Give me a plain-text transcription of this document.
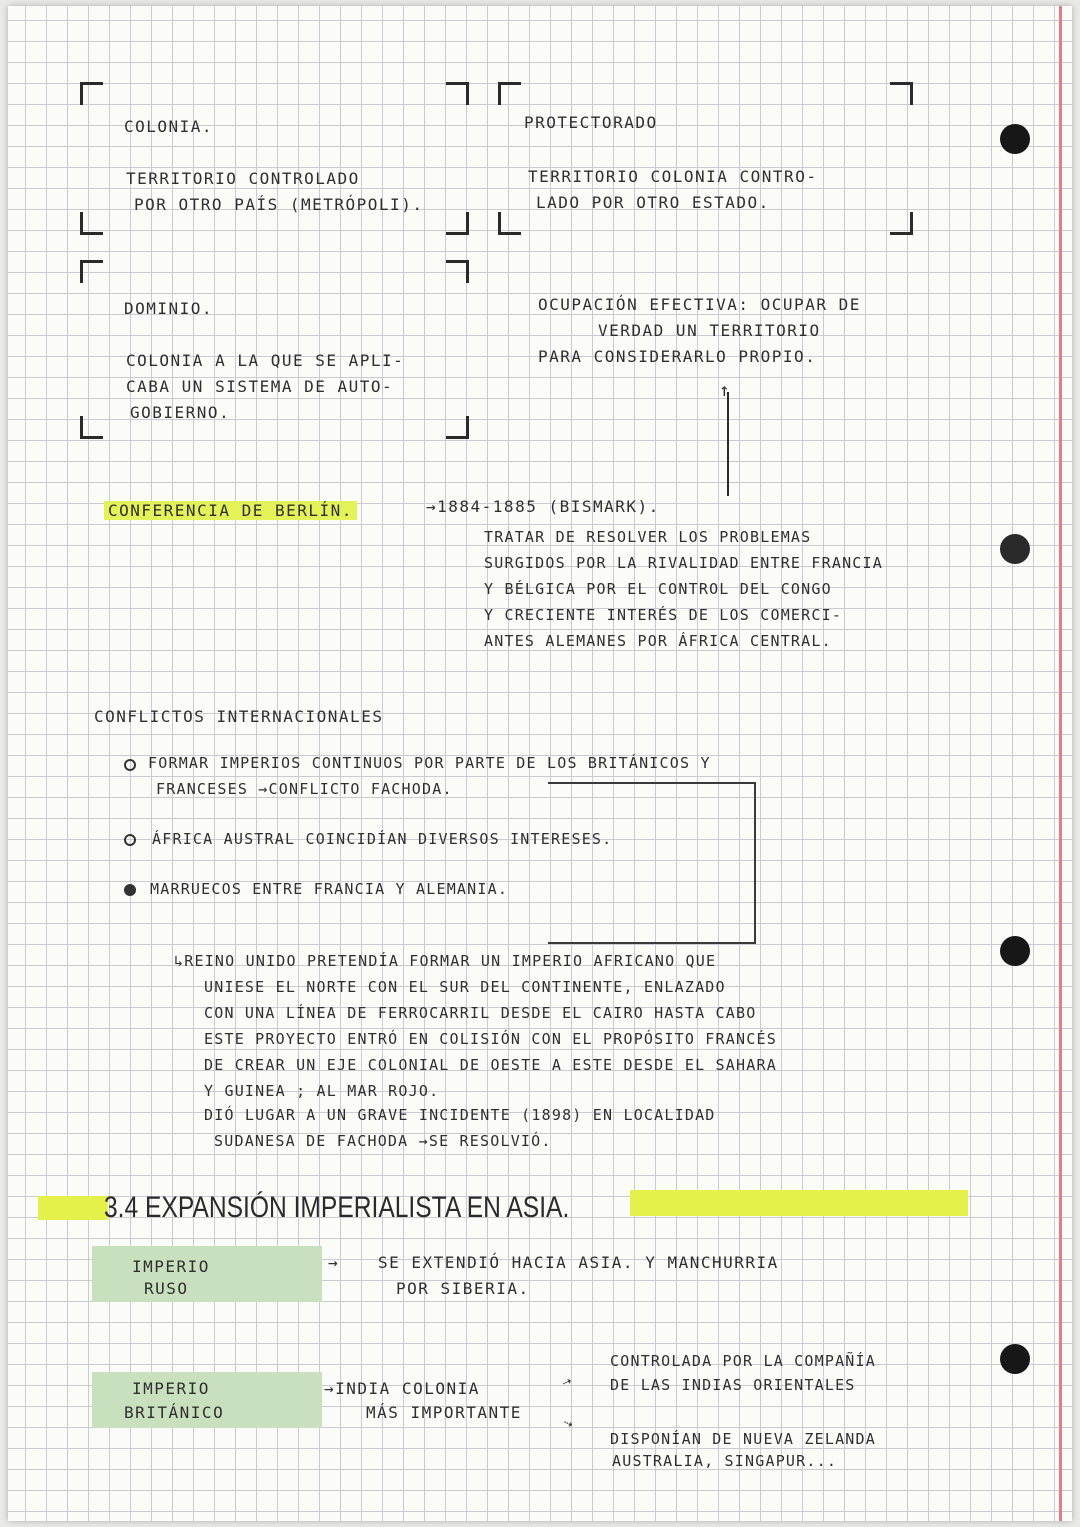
COLONIA.
TERRITORIO CONTROLADO
POR OTRO PAÍS (METRÓPOLI).
PROTECTORADO
TERRITORIO COLONIA CONTRO-
LADO POR OTRO ESTADO.
DOMINIO.
COLONIA A LA QUE SE APLI-
CABA UN SISTEMA DE AUTO-
GOBIERNO.
OCUPACIÓN EFECTIVA: OCUPAR DE
VERDAD UN TERRITORIO
PARA CONSIDERARLO PROPIO.
↑
CONFERENCIA DE BERLÍN.	→1884-1885 (BISMARK).
TRATAR DE RESOLVER LOS PROBLEMAS
SURGIDOS POR LA RIVALIDAD ENTRE FRANCIA
Y BÉLGICA POR EL CONTROL DEL CONGO
Y CRECIENTE INTERÉS DE LOS COMERCI-
ANTES ALEMANES POR ÁFRICA CENTRAL.
CONFLICTOS INTERNACIONALES
FORMAR IMPERIOS CONTINUOS POR PARTE DE LOS BRITÁNICOS Y
FRANCESES →CONFLICTO FACHODA.
ÁFRICA AUSTRAL COINCIDÍAN DIVERSOS INTERESES.
MARRUECOS ENTRE FRANCIA Y ALEMANIA.
↳REINO UNIDO PRETENDÍA FORMAR UN IMPERIO AFRICANO QUE
UNIESE EL NORTE CON EL SUR DEL CONTINENTE, ENLAZADO
CON UNA LÍNEA DE FERROCARRIL DESDE EL CAIRO HASTA CABO
ESTE PROYECTO ENTRÓ EN COLISIÓN CON EL PROPÓSITO FRANCÉS
DE CREAR UN EJE COLONIAL DE OESTE A ESTE DESDE EL SAHARA
Y GUINEA ; AL MAR ROJO.
DIÓ LUGAR A UN GRAVE INCIDENTE (1898) EN LOCALIDAD
SUDANESA DE FACHODA →SE RESOLVIÓ.
3.4 EXPANSIÓN IMPERIALISTA EN ASIA.
IMPERIO
RUSO
→ SE EXTENDIÓ HACIA ASIA. Y MANCHURRIA
POR SIBERIA.
IMPERIO
BRITÁNICO
→INDIA COLONIA
MÁS IMPORTANTE
⇢
⇢
CONTROLADA POR LA COMPAÑÍA
DE LAS INDIAS ORIENTALES
DISPONÍAN DE NUEVA ZELANDA
AUSTRALIA, SINGAPUR...
